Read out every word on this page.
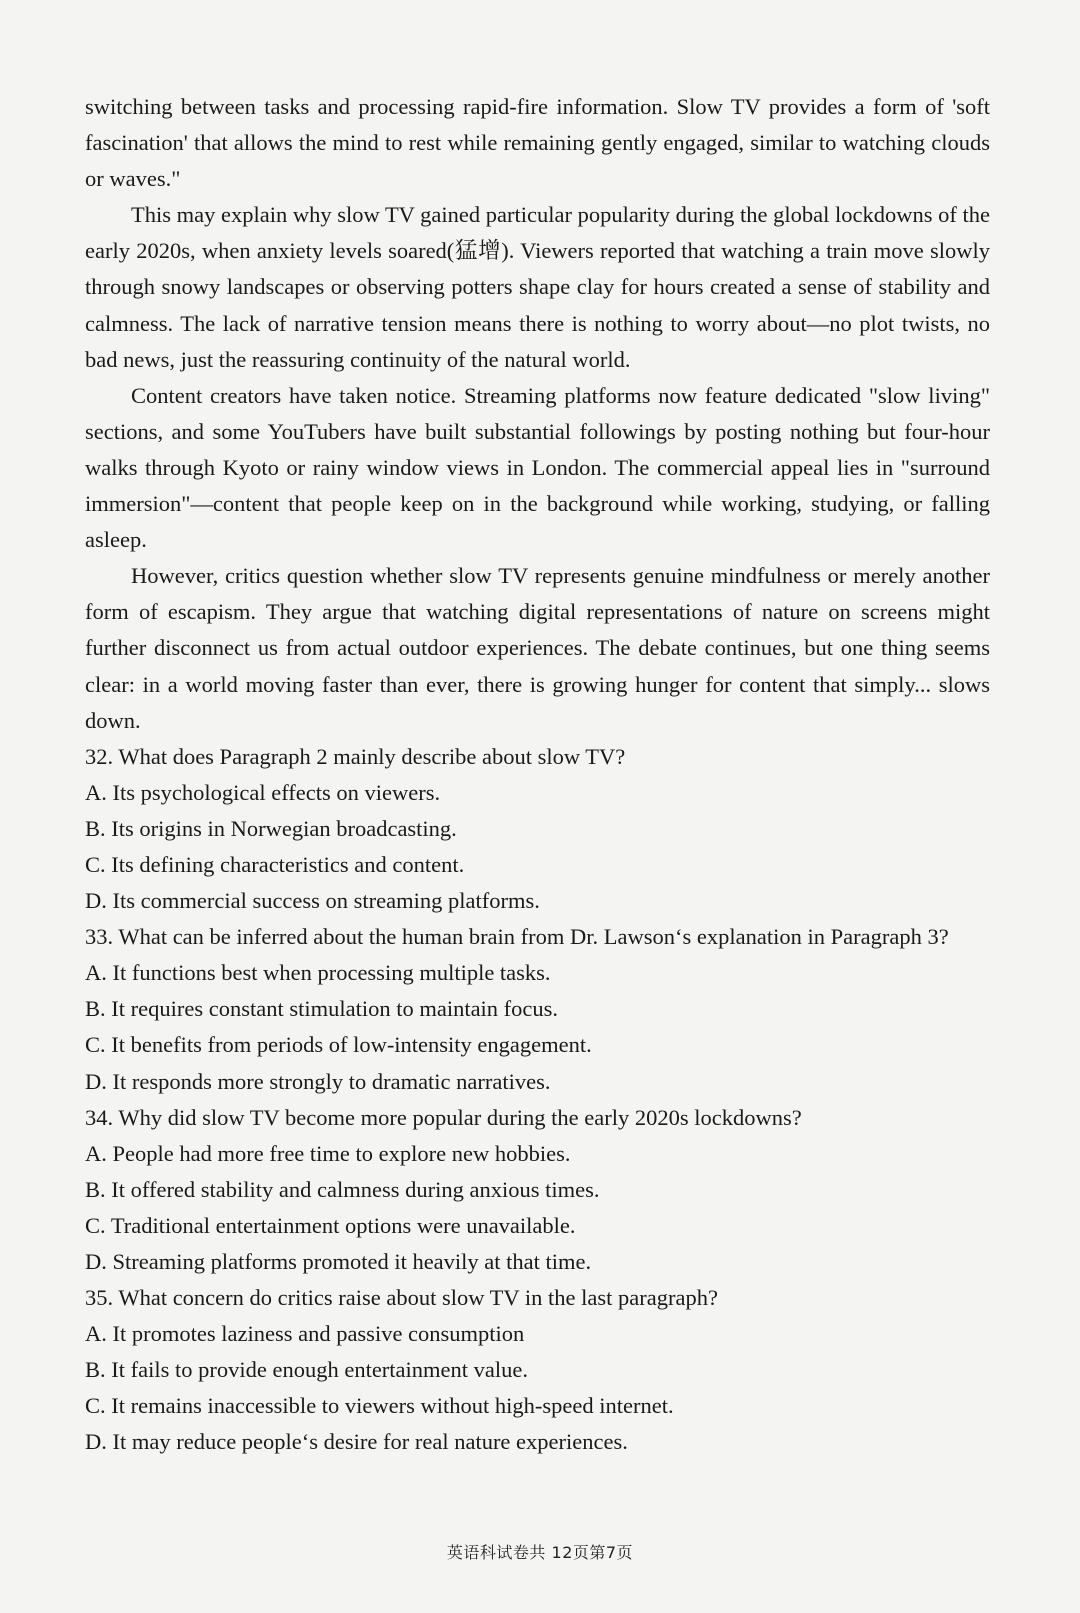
switching between tasks and processing rapid-fire information. Slow TV provides a form of 'soft fascination' that allows the mind to rest while remaining gently engaged, similar to watching clouds or waves."

This may explain why slow TV gained particular popularity during the global lockdowns of the early 2020s, when anxiety levels soared(猛增). Viewers reported that watching a train move slowly through snowy landscapes or observing potters shape clay for hours created a sense of stability and calmness. The lack of narrative tension means there is nothing to worry about—no plot twists, no bad news, just the reassuring continuity of the natural world.

Content creators have taken notice. Streaming platforms now feature dedicated "slow living" sections, and some YouTubers have built substantial followings by posting nothing but four-hour walks through Kyoto or rainy window views in London. The commercial appeal lies in "surround immersion"—content that people keep on in the background while working, studying, or falling asleep.

However, critics question whether slow TV represents genuine mindfulness or merely another form of escapism. They argue that watching digital representations of nature on screens might further disconnect us from actual outdoor experiences. The debate continues, but one thing seems clear: in a world moving faster than ever, there is growing hunger for content that simply... slows down.

32. What does Paragraph 2 mainly describe about slow TV?

A. Its psychological effects on viewers.

B. Its origins in Norwegian broadcasting.

C. Its defining characteristics and content.

D. Its commercial success on streaming platforms.

33. What can be inferred about the human brain from Dr. Lawson‘s explanation in Paragraph 3?

A. It functions best when processing multiple tasks.

B. It requires constant stimulation to maintain focus.

C. It benefits from periods of low-intensity engagement.

D. It responds more strongly to dramatic narratives.

34. Why did slow TV become more popular during the early 2020s lockdowns?

A. People had more free time to explore new hobbies.

B. It offered stability and calmness during anxious times.

C. Traditional entertainment options were unavailable.

D. Streaming platforms promoted it heavily at that time.

35. What concern do critics raise about slow TV in the last paragraph?

A. It promotes laziness and passive consumption

B. It fails to provide enough entertainment value.

C. It remains inaccessible to viewers without high-speed internet.

D. It may reduce people‘s desire for real nature experiences.

英语科试卷共 12页第7页
